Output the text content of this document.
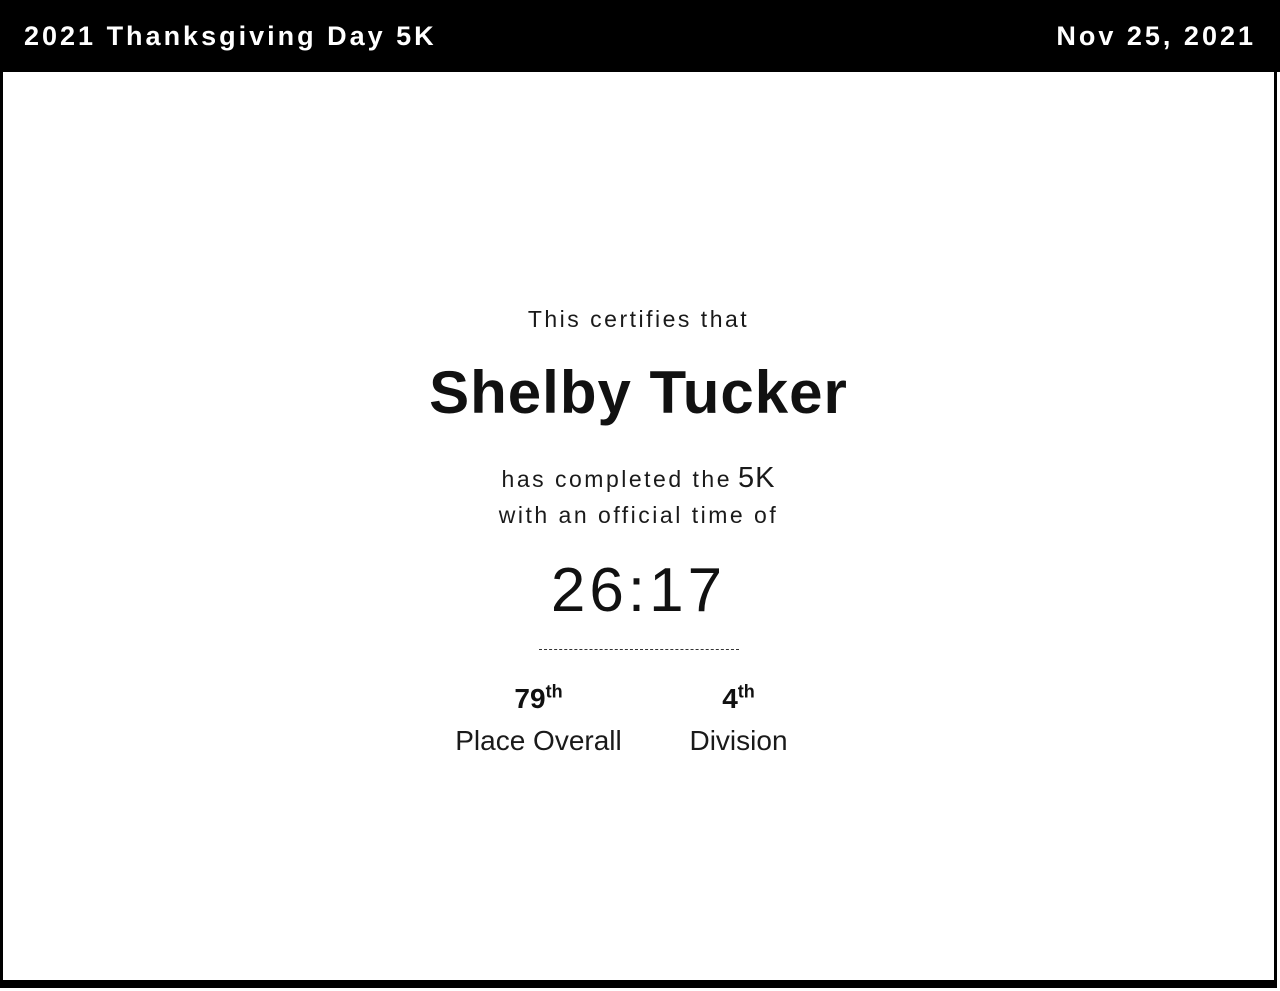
2021 Thanksgiving Day 5K	Nov 25, 2021
This certifies that
Shelby Tucker
has completed the 5K
with an official time of
26:17
79th
Place Overall
4th
Division
